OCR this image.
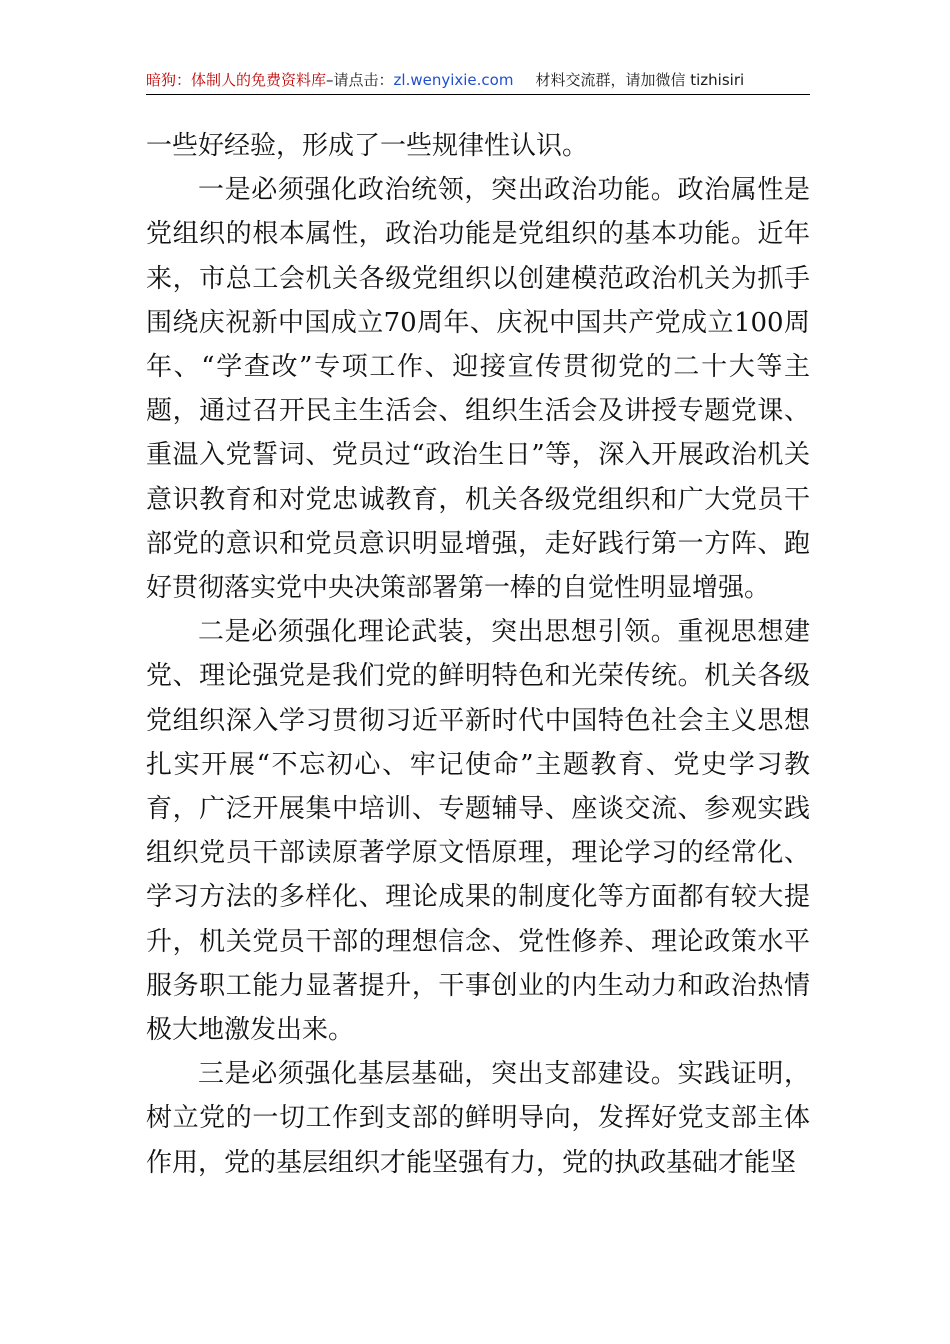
暗狗：体制人的免费资料库–请点击：zl.wenyixie.com 材料交流群，请加微信 tizhisiri

一些好经验，形成了一些规律性认识。

一是必须强化政治统领，突出政治功能。政治属性是党组织的根本属性，政治功能是党组织的基本功能。近年来，市总工会机关各级党组织以创建模范政治机关为抓手围绕庆祝新中国成立70周年、庆祝中国共产党成立100周年、“学查改”专项工作、迎接宣传贯彻党的二十大等主题，通过召开民主生活会、组织生活会及讲授专题党课、重温入党誓词、党员过“政治生日”等，深入开展政治机关意识教育和对党忠诚教育，机关各级党组织和广大党员干部党的意识和党员意识明显增强，走好践行第一方阵、跑好贯彻落实党中央决策部署第一棒的自觉性明显增强。

二是必须强化理论武装，突出思想引领。重视思想建党、理论强党是我们党的鲜明特色和光荣传统。机关各级党组织深入学习贯彻习近平新时代中国特色社会主义思想扎实开展“不忘初心、牢记使命”主题教育、党史学习教育，广泛开展集中培训、专题辅导、座谈交流、参观实践组织党员干部读原著学原文悟原理，理论学习的经常化、学习方法的多样化、理论成果的制度化等方面都有较大提升，机关党员干部的理想信念、党性修养、理论政策水平服务职工能力显著提升，干事创业的内生动力和政治热情极大地激发出来。

三是必须强化基层基础，突出支部建设。实践证明，树立党的一切工作到支部的鲜明导向，发挥好党支部主体作用，党的基层组织才能坚强有力，党的执政基础才能坚
